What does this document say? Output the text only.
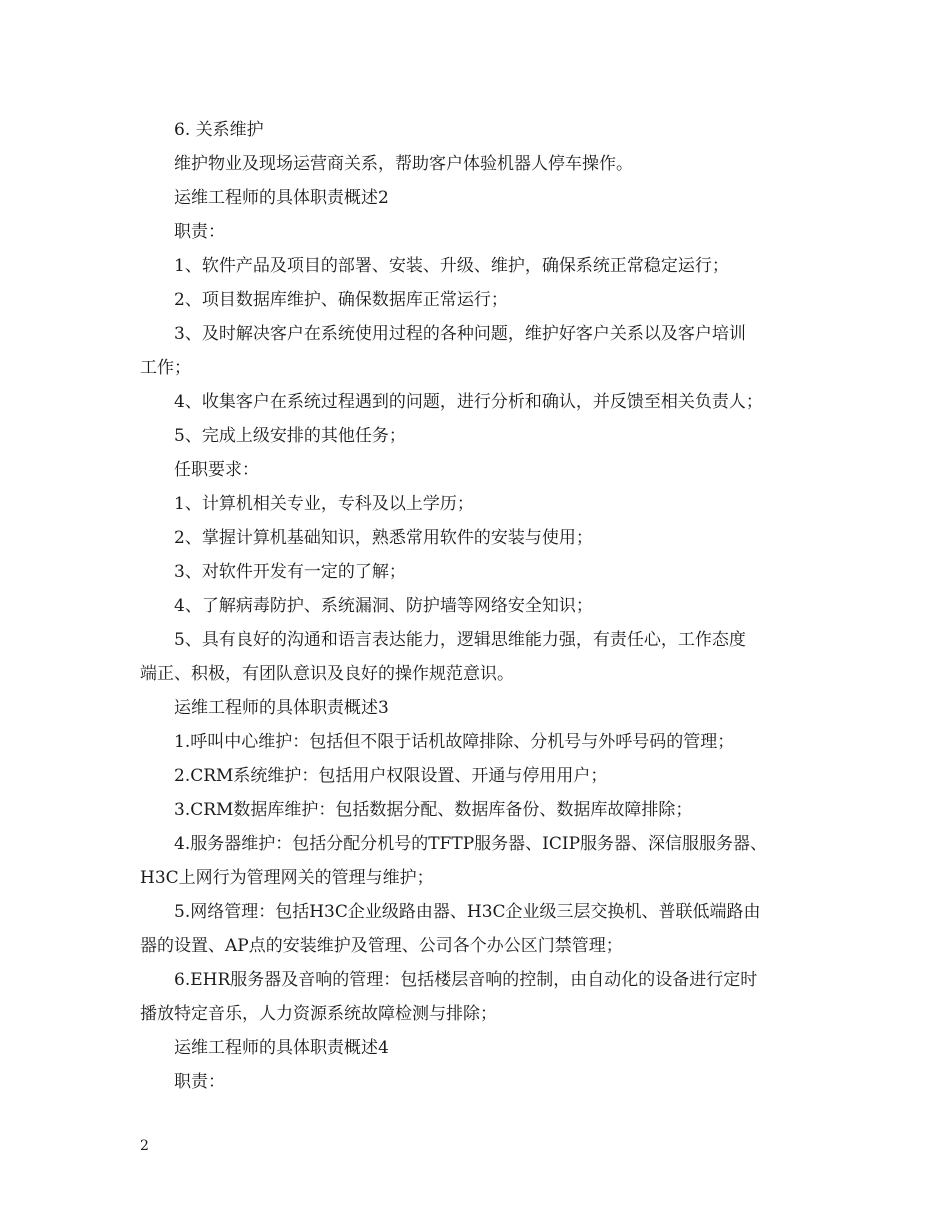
6. 关系维护

维护物业及现场运营商关系，帮助客户体验机器人停车操作。

运维工程师的具体职责概述2

职责：

1、软件产品及项目的部署、安装、升级、维护，确保系统正常稳定运行；

2、项目数据库维护、确保数据库正常运行；

3、及时解决客户在系统使用过程的各种问题，维护好客户关系以及客户培训

工作；

4、收集客户在系统过程遇到的问题，进行分析和确认，并反馈至相关负责人；

5、完成上级安排的其他任务；

任职要求：

1、计算机相关专业，专科及以上学历；

2、掌握计算机基础知识，熟悉常用软件的安装与使用；

3、对软件开发有一定的了解；

4、了解病毒防护、系统漏洞、防护墙等网络安全知识；

5、具有良好的沟通和语言表达能力，逻辑思维能力强，有责任心，工作态度

端正、积极，有团队意识及良好的操作规范意识。

运维工程师的具体职责概述3

1.呼叫中心维护：包括但不限于话机故障排除、分机号与外呼号码的管理；

2.CRM系统维护：包括用户权限设置、开通与停用用户；

3.CRM数据库维护：包括数据分配、数据库备份、数据库故障排除；

4.服务器维护：包括分配分机号的TFTP服务器、ICIP服务器、深信服服务器、

H3C上网行为管理网关的管理与维护；

5.网络管理：包括H3C企业级路由器、H3C企业级三层交换机、普联低端路由

器的设置、AP点的安装维护及管理、公司各个办公区门禁管理；

6.EHR服务器及音响的管理：包括楼层音响的控制，由自动化的设备进行定时

播放特定音乐，人力资源系统故障检测与排除；

运维工程师的具体职责概述4

职责：

2
